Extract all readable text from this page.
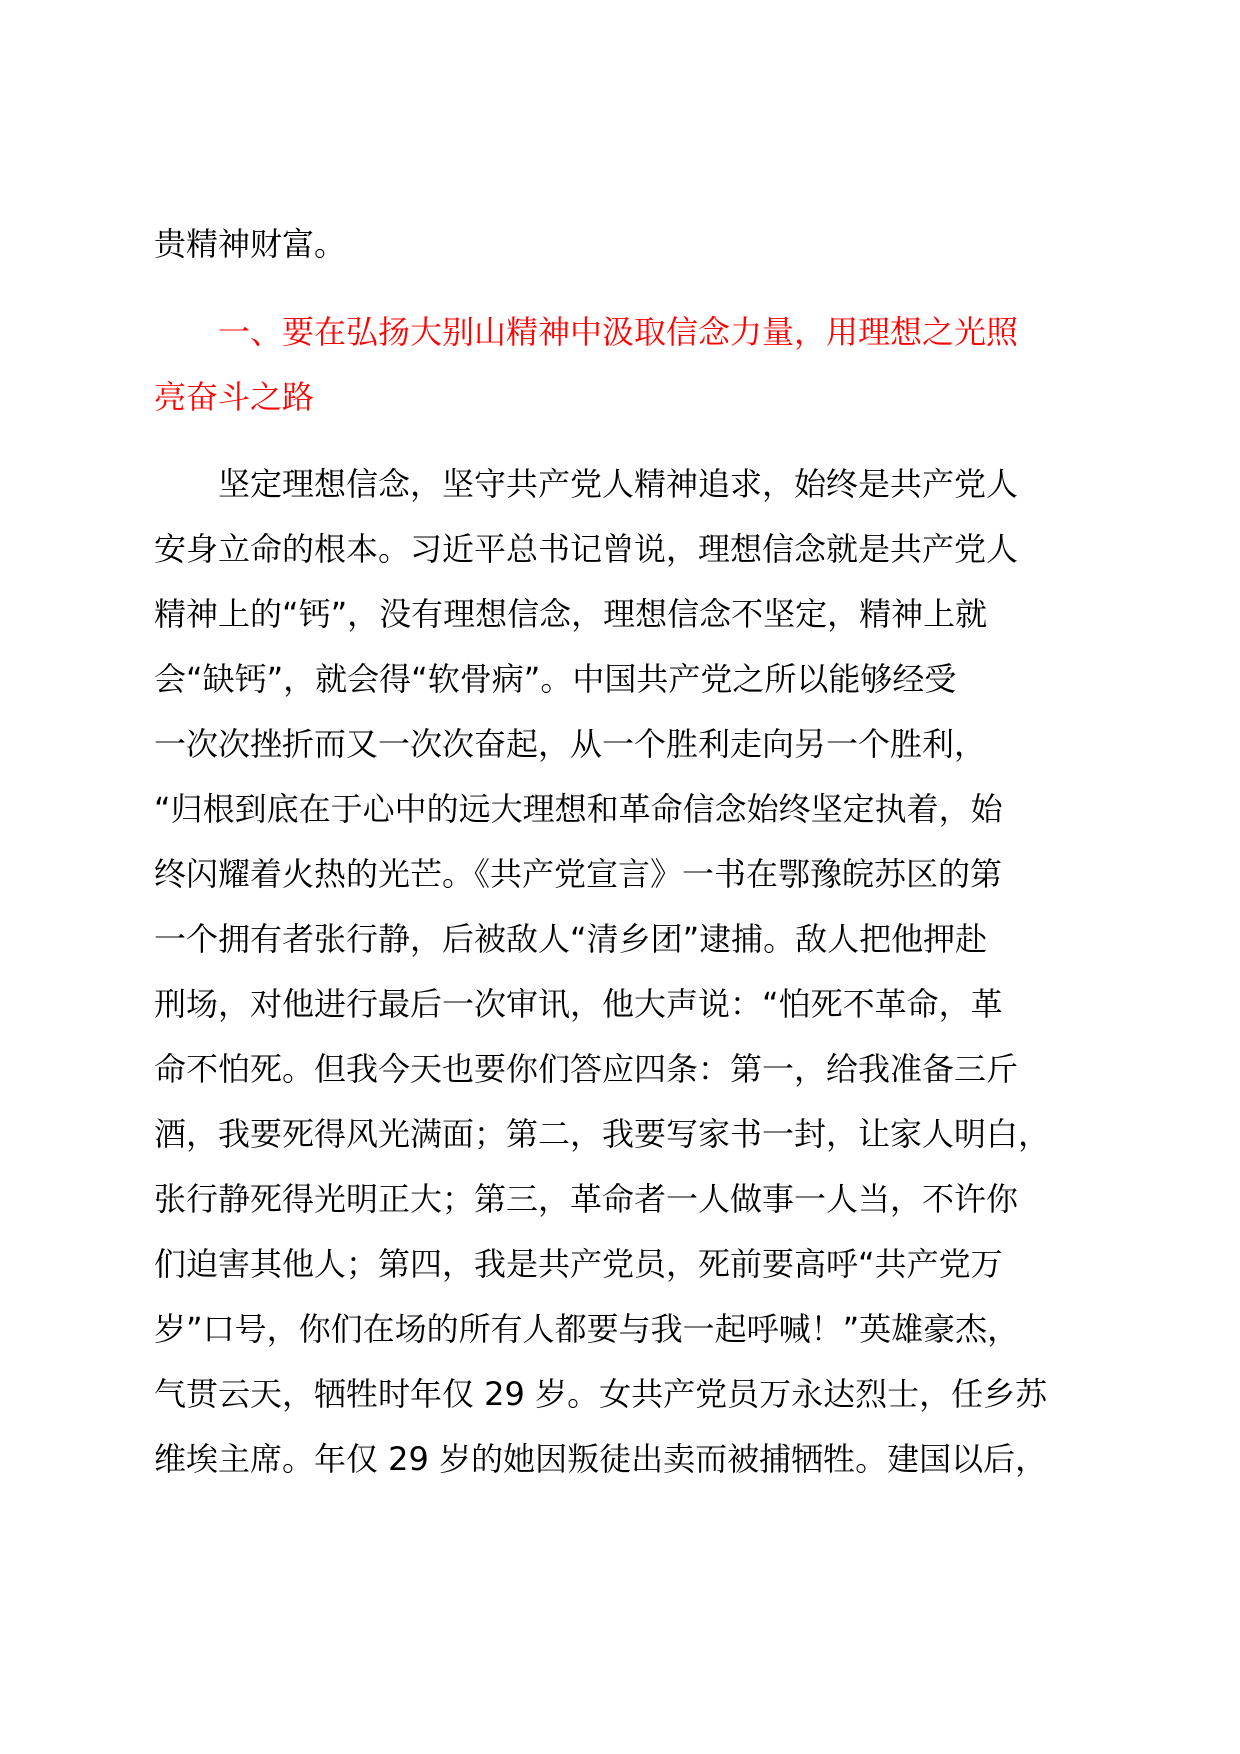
贵精神财富。
一、要在弘扬大别山精神中汲取信念力量，用理想之光照
亮奋斗之路
坚定理想信念，坚守共产党人精神追求，始终是共产党人
安身立命的根本。习近平总书记曾说，理想信念就是共产党人
精神上的“钙”，没有理想信念，理想信念不坚定，精神上就
会“缺钙”，就会得“软骨病”。中国共产党之所以能够经受
一次次挫折而又一次次奋起，从一个胜利走向另一个胜利，
“归根到底在于心中的远大理想和革命信念始终坚定执着，始
终闪耀着火热的光芒。《共产党宣言》一书在鄂豫皖苏区的第
一个拥有者张行静，后被敌人“清乡团”逮捕。敌人把他押赴
刑场，对他进行最后一次审讯，他大声说：“怕死不革命，革
命不怕死。但我今天也要你们答应四条：第一，给我准备三斤
酒，我要死得风光满面；第二，我要写家书一封，让家人明白，
张行静死得光明正大；第三，革命者一人做事一人当，不许你
们迫害其他人；第四，我是共产党员，死前要高呼“共产党万
岁”口号，你们在场的所有人都要与我一起呼喊！”英雄豪杰，
气贯云天，牺牲时年仅 29 岁。女共产党员万永达烈士，任乡苏
维埃主席。年仅 29 岁的她因叛徒出卖而被捕牺牲。建国以后，
